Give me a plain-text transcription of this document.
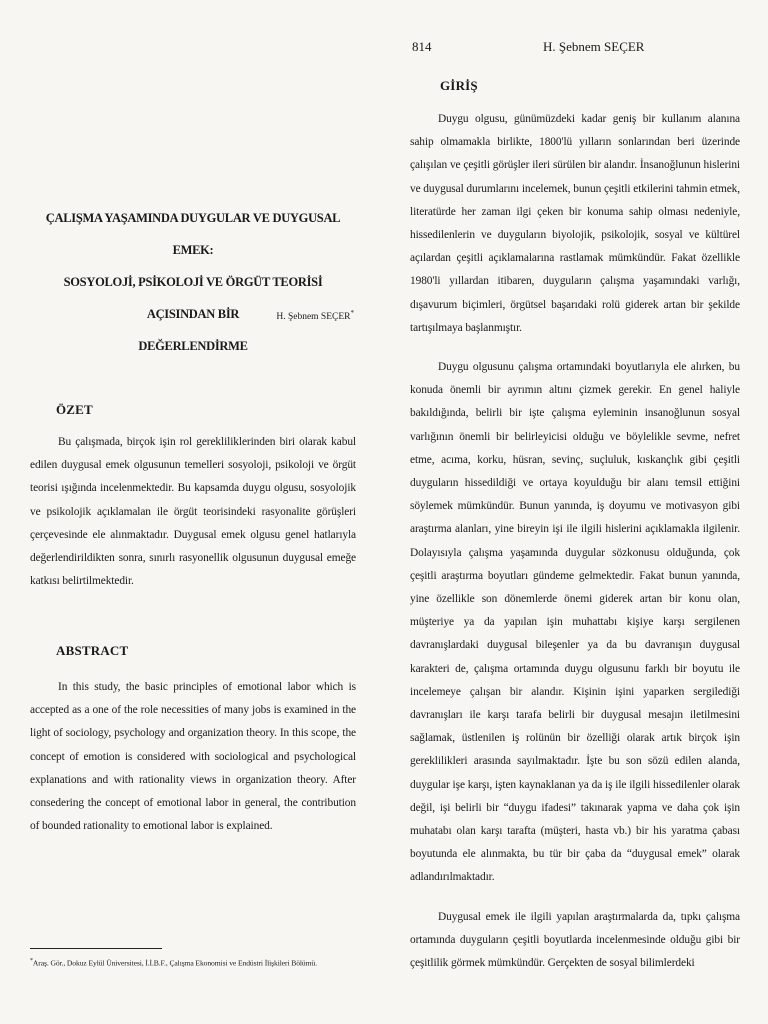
814	H. Şebnem SEÇER
ÇALIŞMA YAŞAMINDA DUYGULAR VE DUYGUSAL EMEK:
SOSYOLOJİ, PSİKOLOJİ VE ÖRGÜT TEORİSİ AÇISINDAN BİR
DEĞERLENDİRME
H. Şebnem SEÇER*
ÖZET

Bu çalışmada, birçok işin rol gerekliliklerinden biri olarak kabul edilen duygusal emek olgusunun temelleri sosyoloji, psikoloji ve örgüt teorisi ışığında incelenmektedir. Bu kapsamda duygu olgusu, sosyolojik ve psikolojik açıklamalan ile örgüt teorisindeki rasyonalite görüşleri çerçevesinde ele alınmaktadır. Duygusal emek olgusu genel hatlarıyla değerlendirildikten sonra, sınırlı rasyonellik olgusunun duygusal emeğe katkısı belirtilmektedir.

ABSTRACT

In this study, the basic principles of emotional labor which is accepted as a one of the role necessities of many jobs is examined in the light of sociology, psychology and organization theory. In this scope, the concept of emotion is considered with sociological and psychological explanations and with rationality views in organization theory. After consedering the concept of emotional labor in general, the contribution of bounded rationality to emotional labor is explained.

*Araş. Gör., Dokuz Eylül Üniversitesi, İ.İ.B.F., Çalışma Ekonomisi ve Endüstri İlişkileri Bölümü.
GİRİŞ

Duygu olgusu, günümüzdeki kadar geniş bir kullanım alanına sahip olmamakla birlikte, 1800'lü yılların sonlarından beri üzerinde çalışılan ve çeşitli görüşler ileri sürülen bir alandır. İnsanoğlunun hislerini ve duygusal durumlarını incelemek, bunun çeşitli etkilerini tahmin etmek, literatürde her zaman ilgi çeken bir konuma sahip olması nedeniyle, hissedilenlerin ve duyguların biyolojik, psikolojik, sosyal ve kültürel açılardan çeşitli açıklamalarına rastlamak mümkündür. Fakat özellikle 1980'li yıllardan itibaren, duyguların çalışma yaşamındaki varlığı, dışavurum biçimleri, örgütsel başarıdaki rolü giderek artan bir şekilde tartışılmaya başlanmıştır.

Duygu olgusunu çalışma ortamındaki boyutlarıyla ele alırken, bu konuda önemli bir ayrımın altını çizmek gerekir. En genel haliyle bakıldığında, belirli bir işte çalışma eyleminin insanoğlunun sosyal varlığının önemli bir belirleyicisi olduğu ve böylelikle sevme, nefret etme, acıma, korku, hüsran, sevinç, suçluluk, kıskançlık gibi çeşitli duyguların hissedildiği ve ortaya koyulduğu bir alanı temsil ettiğini söylemek mümkündür. Bunun yanında, iş doyumu ve motivasyon gibi araştırma alanları, yine bireyin işi ile ilgili hislerini açıklamakla ilgilenir. Dolayısıyla çalışma yaşamında duygular sözkonusu olduğunda, çok çeşitli araştırma boyutları gündeme gelmektedir. Fakat bunun yanında, yine özellikle son dönemlerde önemi giderek artan bir konu olan, müşteriye ya da yapılan işin muhattabı kişiye karşı sergilenen davranışlardaki duygusal bileşenler ya da bu davranışın duygusal karakteri de, çalışma ortamında duygu olgusunu farklı bir boyutu ile incelemeye çalışan bir alandır. Kişinin işini yaparken sergilediği davranışları ile karşı tarafa belirli bir duygusal mesajın iletilmesini sağlamak, üstlenilen iş rolünün bir özelliği olarak artık birçok işin gereklilikleri arasında sayılmaktadır. İşte bu son sözü edilen alanda, duygular işe karşı, işten kaynaklanan ya da iş ile ilgili hissedilenler olarak değil, işi belirli bir “duygu ifadesi” takınarak yapma ve daha çok işin muhatabı olan karşı tarafta (müşteri, hasta vb.) bir his yaratma çabası boyutunda ele alınmakta, bu tür bir çaba da “duygusal emek” olarak adlandırılmaktadır.

Duygusal emek ile ilgili yapılan araştırmalarda da, tıpkı çalışma ortamında duyguların çeşitli boyutlarda incelenmesinde olduğu gibi bir çeşitlilik görmek mümkündür. Gerçekten de sosyal bilimlerdeki
